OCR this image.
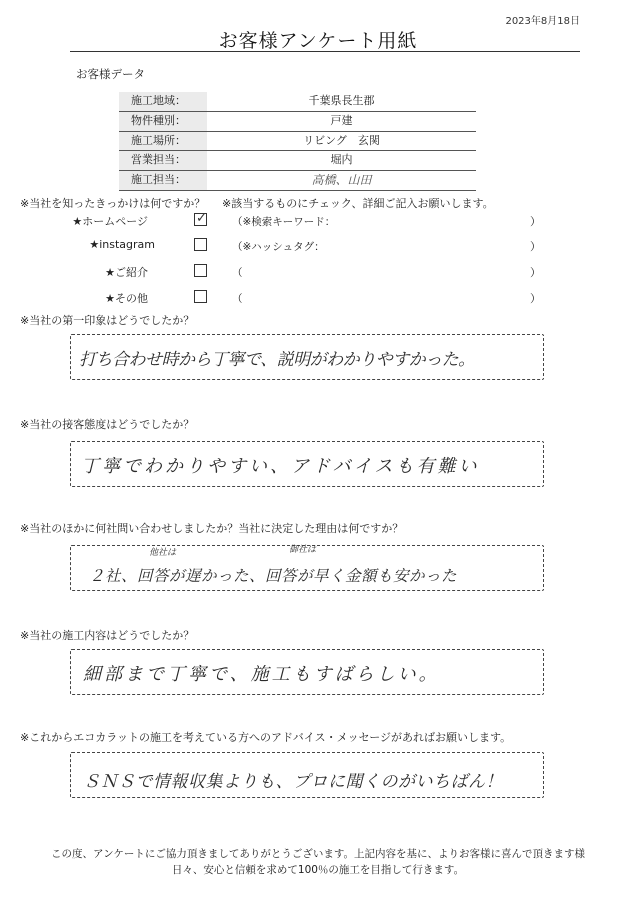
2023年8月18日
お客様アンケート用紙
お客様データ
施工地域：	千葉県長生郡
物件種別：	戸建
施工場所：	リビング　玄関
営業担当：	堀内
施工担当：	高橋、山田
※当社を知ったきっかけは何ですか？ ※該当するものにチェック、詳細ご記入お願いします。
★ホームページ	✓ （※検索キーワード：	）
★instagram	（※ハッシュタグ：	）
★ご紹介	（	）
★その他	（	）
※当社の第一印象はどうでしたか？
打ち合わせ時から丁寧で、説明がわかりやすかった。
※当社の接客態度はどうでしたか？
丁寧でわかりやすい、アドバイスも有難い
※当社のほかに何社問い合わせしましたか？当社に決定した理由は何ですか？
他社は	御社は
２社、回答が遅かった、回答が早く金額も安かった
※当社の施工内容はどうでしたか？
細部まで丁寧で、施工もすばらしい。
※これからエコカラットの施工を考えている方へのアドバイス・メッセージがあればお願いします。
ＳＮＳで情報収集よりも、プロに聞くのがいちばん！
この度、アンケートにご協力頂きましてありがとうございます。上記内容を基に、よりお客様に喜んで頂きます様
日々、安心と信頼を求めて100％の施工を目指して行きます。
